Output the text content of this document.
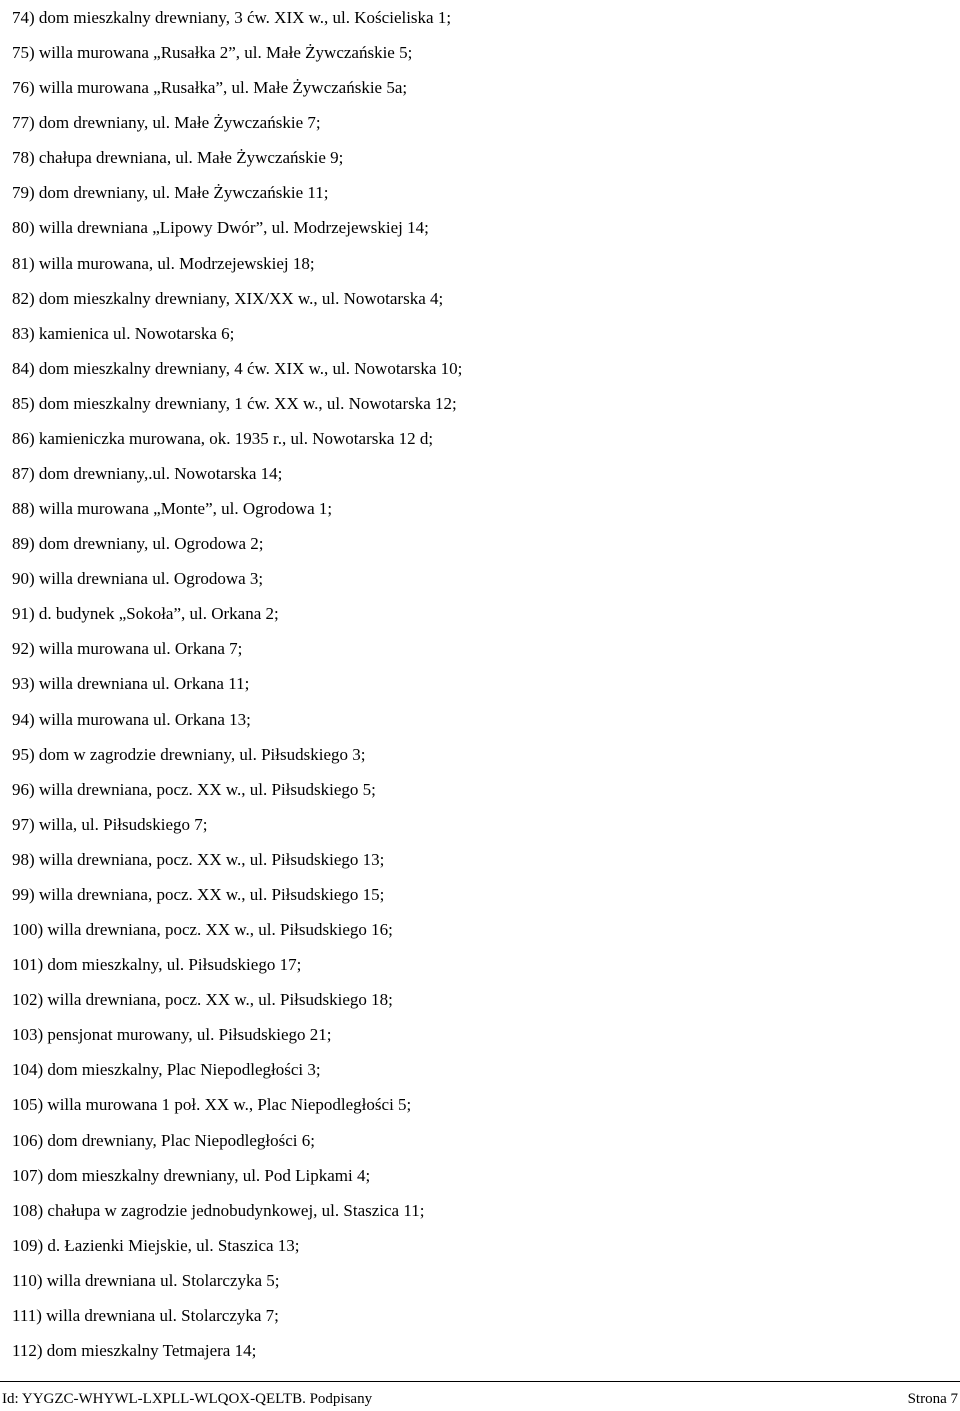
74) dom mieszkalny drewniany, 3 ćw. XIX w., ul. Kościeliska 1;
75) willa murowana „Rusałka 2”, ul. Małe Żywczańskie 5;
76) willa murowana „Rusałka”, ul. Małe Żywczańskie 5a;
77) dom drewniany, ul. Małe Żywczańskie 7;
78) chałupa drewniana, ul. Małe Żywczańskie 9;
79) dom drewniany, ul. Małe Żywczańskie 11;
80) willa drewniana „Lipowy Dwór”, ul. Modrzejewskiej 14;
81) willa murowana, ul. Modrzejewskiej 18;
82) dom mieszkalny drewniany, XIX/XX w., ul. Nowotarska 4;
83) kamienica ul. Nowotarska 6;
84) dom mieszkalny drewniany, 4 ćw. XIX w., ul. Nowotarska 10;
85) dom mieszkalny drewniany, 1 ćw. XX w., ul. Nowotarska 12;
86) kamieniczka murowana, ok. 1935 r., ul. Nowotarska 12 d;
87) dom drewniany,.ul. Nowotarska 14;
88) willa murowana „Monte”, ul. Ogrodowa 1;
89) dom drewniany, ul. Ogrodowa 2;
90) willa drewniana ul. Ogrodowa 3;
91) d. budynek „Sokoła”, ul. Orkana 2;
92) willa murowana ul. Orkana 7;
93) willa drewniana ul. Orkana 11;
94) willa murowana ul. Orkana 13;
95) dom w zagrodzie drewniany, ul. Piłsudskiego 3;
96) willa drewniana, pocz. XX w., ul. Piłsudskiego 5;
97) willa, ul. Piłsudskiego 7;
98) willa drewniana, pocz. XX w., ul. Piłsudskiego 13;
99) willa drewniana, pocz. XX w., ul. Piłsudskiego 15;
100) willa drewniana, pocz. XX w., ul. Piłsudskiego 16;
101) dom mieszkalny, ul. Piłsudskiego 17;
102) willa drewniana, pocz. XX w., ul. Piłsudskiego 18;
103) pensjonat murowany, ul. Piłsudskiego 21;
104) dom mieszkalny, Plac Niepodległości 3;
105) willa murowana 1 poł. XX w., Plac Niepodległości 5;
106) dom drewniany, Plac Niepodległości 6;
107) dom mieszkalny drewniany, ul. Pod Lipkami 4;
108) chałupa w zagrodzie jednobudynkowej, ul. Staszica 11;
109) d. Łazienki Miejskie, ul. Staszica 13;
110) willa drewniana ul. Stolarczyka 5;
111) willa drewniana ul. Stolarczyka 7;
112) dom mieszkalny Tetmajera 14;
Id: YYGZC-WHYWL-LXPLL-WLQOX-QELTB. Podpisany	Strona 7
